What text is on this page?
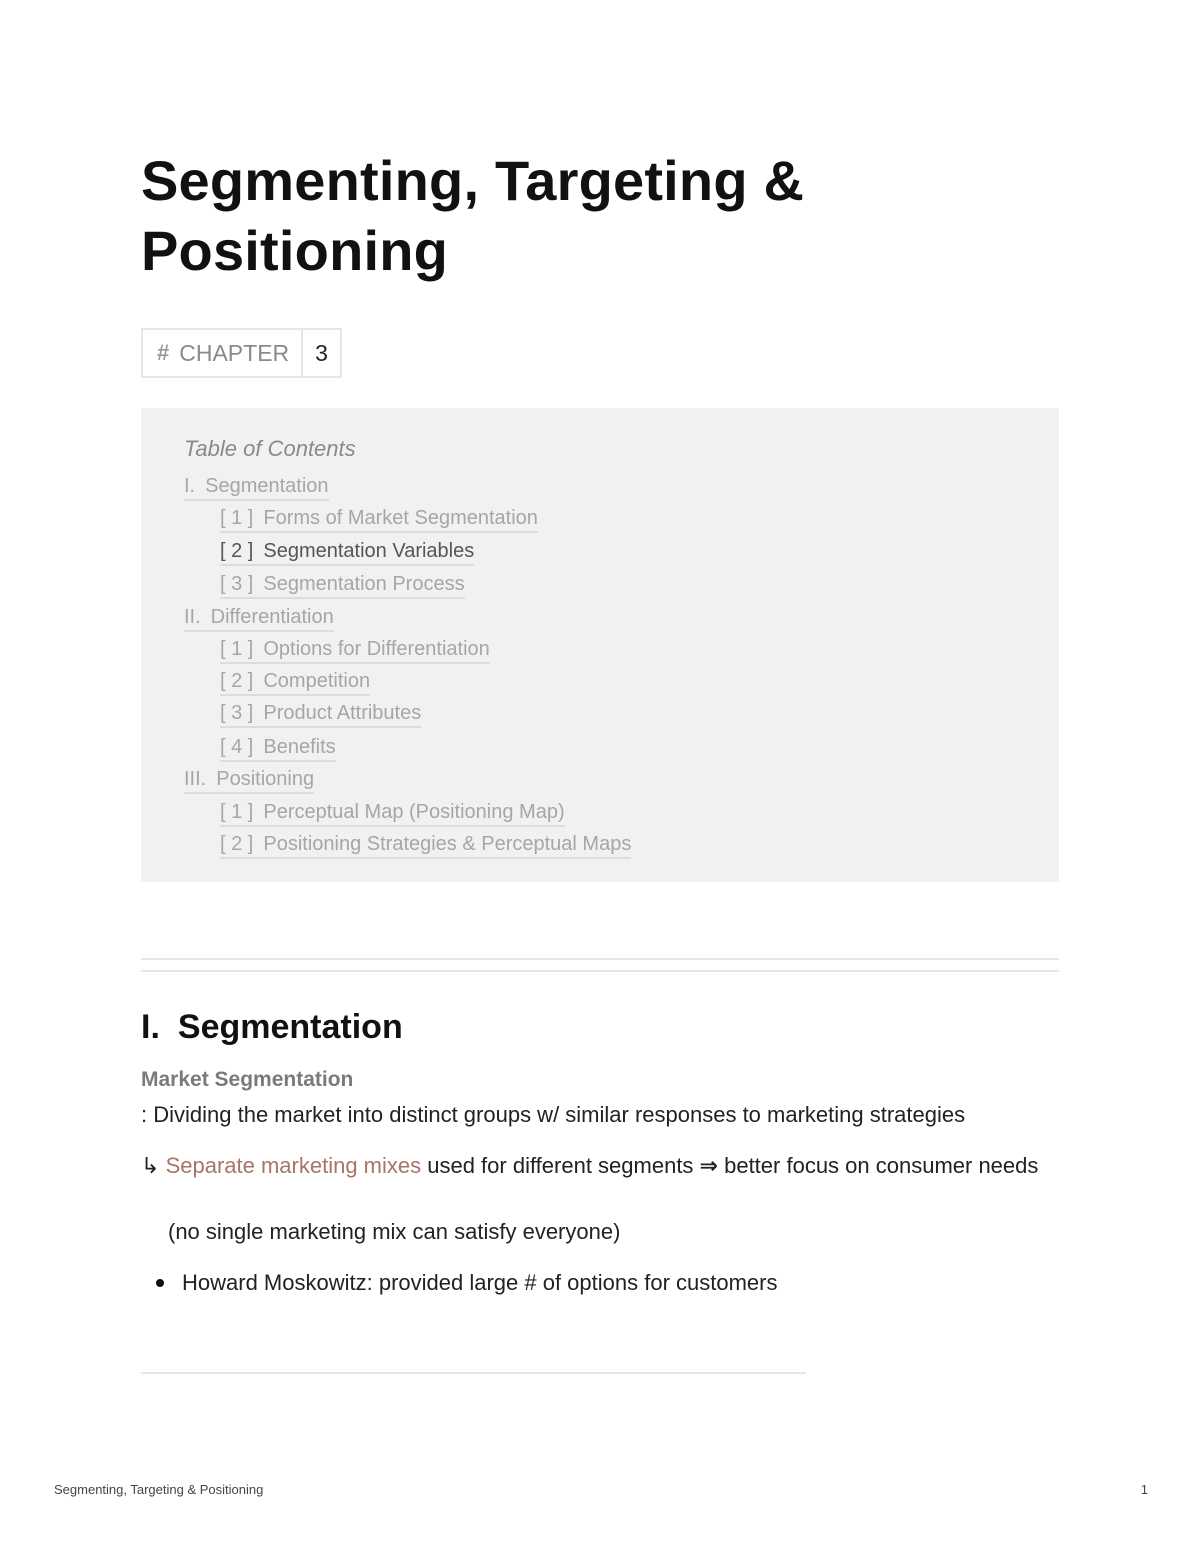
Segmenting, Targeting & Positioning
# CHAPTER	3
Table of Contents
I. Segmentation
[ 1 ] Forms of Market Segmentation
[ 2 ] Segmentation Variables
[ 3 ] Segmentation Process
II. Differentiation
[ 1 ] Options for Differentiation
[ 2 ] Competition
[ 3 ] Product Attributes
[ 4 ] Benefits
III. Positioning
[ 1 ] Perceptual Map (Positioning Map)
[ 2 ] Positioning Strategies & Perceptual Maps
I. Segmentation
Market Segmentation
: Dividing the market into distinct groups w/ similar responses to marketing strategies
↳ Separate marketing mixes used for different segments ⇒ better focus on consumer needs
(no single marketing mix can satisfy everyone)
Howard Moskowitz: provided large # of options for customers
Segmenting, Targeting & Positioning	1
